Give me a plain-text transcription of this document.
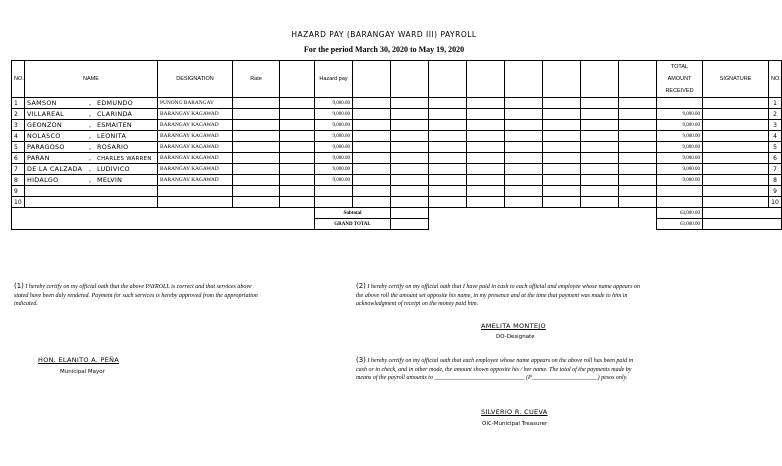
HAZARD PAY (BARANGAY WARD III) PAYROLL
For the period March 30, 2020 to May 19, 2020
NO.	NAME	DESIGNATION	Rate		Hazard pay									TOTAL
AMOUNT
RECEIVED	SIGNATURE	NO.
1	SAMSON , EDMUNDO	PUNONG BARANGAY			9,000.00											1
2	VILLAREAL , CLARINDA	BARANGAY KAGAWAD			9,000.00									9,000.00		2
3	GEONZON , ESMAITEN	BARANGAY KAGAWAD			9,000.00									9,000.00		3
4	NOLASCO , LEONITA	BARANGAY KAGAWAD			9,000.00									9,000.00		4
5	PARAGOSO , ROSARIO	BARANGAY KAGAWAD			9,000.00									9,000.00		5
6	PARAN , CHARLES WARREN	BARANGAY KAGAWAD			9,000.00									9,000.00		6
7	DE LA CALZADA , LUDIVICO	BARANGAY KAGAWAD			9,000.00									9,000.00		7
8	HIDALGO , MELVIN	BARANGAY KAGAWAD			9,000.00									9,000.00		8
9																9
10																10
					Subtotal									63,000.00		
					GRAND TOTAL									63,000.00		
(1) I hereby certify on my official oath that the above PAYROLL is correct and that services above stated have been duly rendered. Payment for such services is hereby approved from the appropriation indicated.
HON. ELANITO A. PEÑA
Municipal Mayor
(2) I hereby certify on my official oath that I have paid in cash to each official and employee whose name appears on the above roll the amount set opposite his name, in my presence and at the time that payment was made to him in acknowledgment of receipt on the money paid him.
AMELITA MONTEJO
DO-Designate
(3) I hereby certify on my official oath that each employee whose name appears on the above roll has been paid in cash or in check, and in other mode, the amount shown opposite his / her name. The total of the payments made by means of the payroll amounts to ______________________________ (P______________________) pesos only.
SILVERIO R. CUEVA
OIC-Municipal Treasurer
